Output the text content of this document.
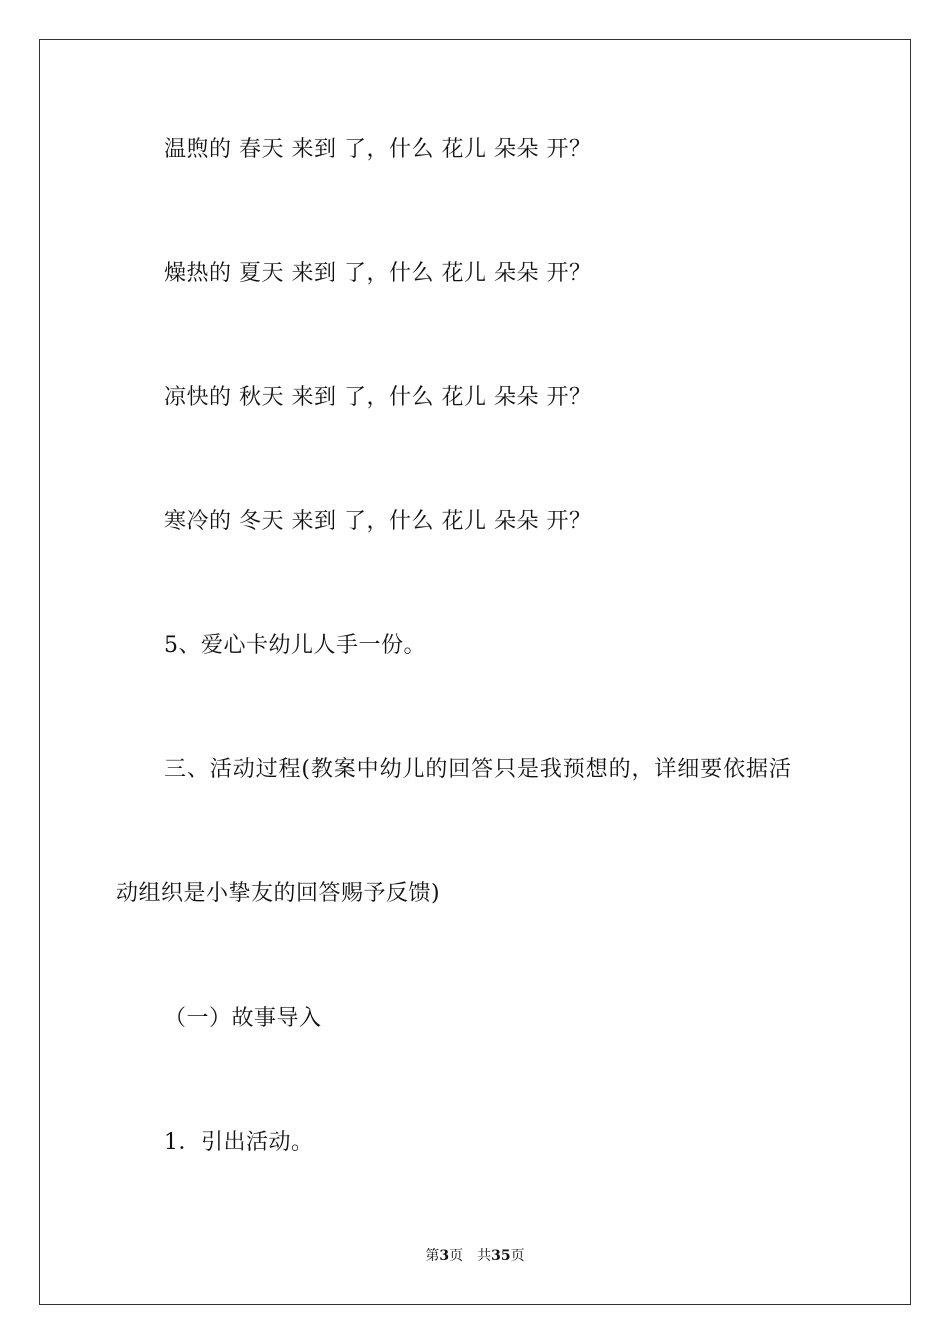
温煦的 春天 来到 了，什么 花儿 朵朵 开？
燥热的 夏天 来到 了，什么 花儿 朵朵 开？
凉快的 秋天 来到 了，什么 花儿 朵朵 开？
寒冷的 冬天 来到 了，什么 花儿 朵朵 开？
5、爱心卡幼儿人手一份。
三、活动过程(教案中幼儿的回答只是我预想的，详细要依据活
动组织是小挚友的回答赐予反馈)
（一）故事导入
1．引出活动。
第3页 共35页
